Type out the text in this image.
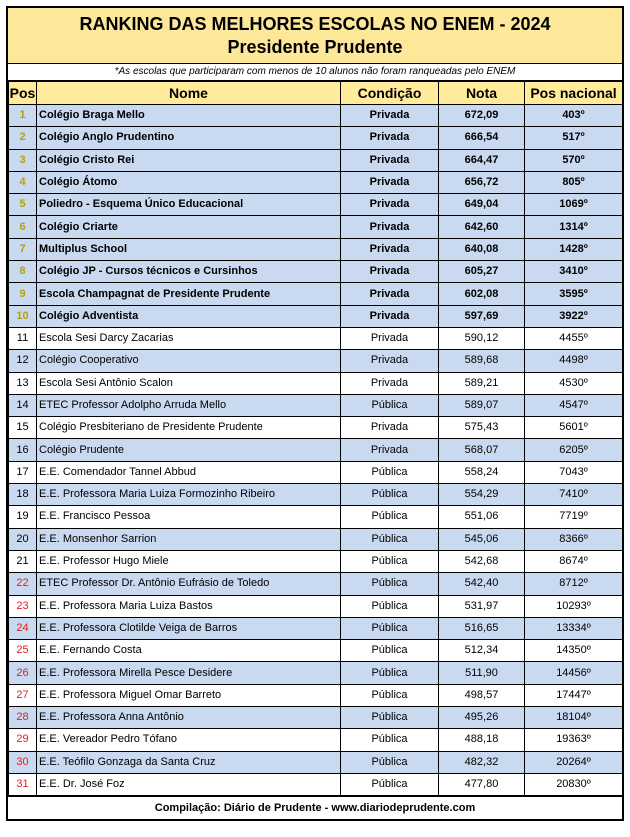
RANKING DAS MELHORES ESCOLAS NO ENEM - 2024
Presidente Prudente
*As escolas que participaram com menos de 10 alunos não foram ranqueadas pelo ENEM
Pos	Nome	Condição	Nota	Pos nacional
1	Colégio Braga Mello	Privada	672,09	403º
2	Colégio Anglo Prudentino	Privada	666,54	517º
3	Colégio Cristo Rei	Privada	664,47	570º
4	Colégio Átomo	Privada	656,72	805º
5	Poliedro - Esquema Único Educacional	Privada	649,04	1069º
6	Colégio Criarte	Privada	642,60	1314º
7	Multiplus School	Privada	640,08	1428º
8	Colégio JP - Cursos técnicos e Cursinhos	Privada	605,27	3410º
9	Escola Champagnat de Presidente Prudente	Privada	602,08	3595º
10	Colégio Adventista	Privada	597,69	3922º
11	Escola Sesi Darcy Zacarias	Privada	590,12	4455º
12	Colégio Cooperativo	Privada	589,68	4498º
13	Escola Sesi Antônio Scalon	Privada	589,21	4530º
14	ETEC Professor Adolpho Arruda Mello	Pública	589,07	4547º
15	Colégio Presbiteriano de Presidente Prudente	Privada	575,43	5601º
16	Colégio Prudente	Privada	568,07	6205º
17	E.E. Comendador Tannel Abbud	Pública	558,24	7043º
18	E.E. Professora Maria Luiza Formozinho Ribeiro	Pública	554,29	7410º
19	E.E. Francisco Pessoa	Pública	551,06	7719º
20	E.E. Monsenhor Sarrion	Pública	545,06	8366º
21	E.E. Professor Hugo Miele	Pública	542,68	8674º
22	ETEC Professor Dr. Antônio Eufrásio de Toledo	Pública	542,40	8712º
23	E.E. Professora Maria Luiza Bastos	Pública	531,97	10293º
24	E.E. Professora Clotilde Veiga de Barros	Pública	516,65	13334º
25	E.E. Fernando Costa	Pública	512,34	14350º
26	E.E. Professora Mirella Pesce Desidere	Pública	511,90	14456º
27	E.E. Professora Miguel Omar Barreto	Pública	498,57	17447º
28	E.E. Professora Anna Antônio	Pública	495,26	18104º
29	E.E. Vereador Pedro Tófano	Pública	488,18	19363º
30	E.E. Teófilo Gonzaga da Santa Cruz	Pública	482,32	20264º
31	E.E. Dr. José Foz	Pública	477,80	20830º
Compilação: Diário de Prudente - www.diariodeprudente.com
